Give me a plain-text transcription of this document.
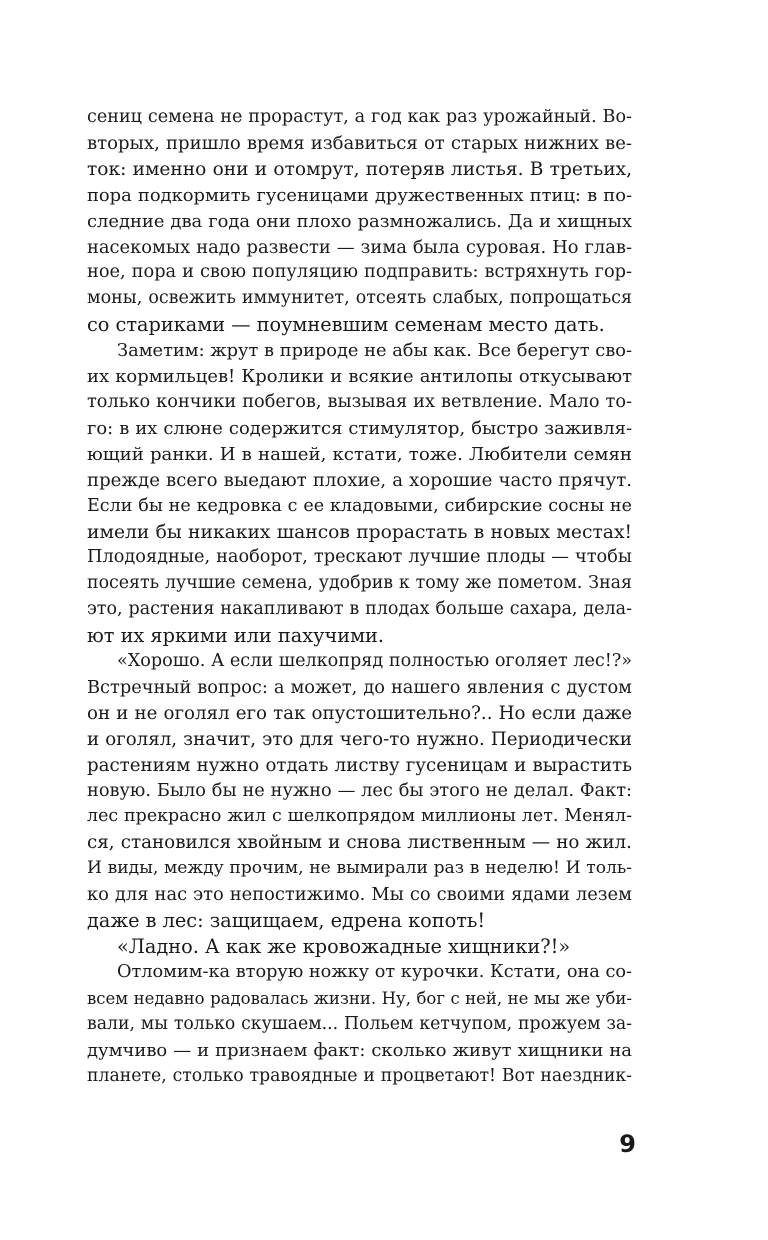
сениц семена не прорастут, а год как раз урожайный. Во-
вторых, пришло время избавиться от старых нижних ве-
ток: именно они и отомрут, потеряв листья. В третьих,
пора подкормить гусеницами дружественных птиц: в по-
следние два года они плохо размножались. Да и хищных
насекомых надо развести — зима была суровая. Но глав-
ное, пора и свою популяцию подправить: встряхнуть гор-
моны, освежить иммунитет, отсеять слабых, попрощаться
со стариками — поумневшим семенам место дать.
Заметим: жрут в природе не абы как. Все берегут сво-
их кормильцев! Кролики и всякие антилопы откусывают
только кончики побегов, вызывая их ветвление. Мало то-
го: в их слюне содержится стимулятор, быстро заживля-
ющий ранки. И в нашей, кстати, тоже. Любители семян
прежде всего выедают плохие, а хорошие часто прячут.
Если бы не кедровка с ее кладовыми, сибирские сосны не
имели бы никаких шансов прорастать в новых местах!
Плодоядные, наоборот, трескают лучшие плоды — чтобы
посеять лучшие семена, удобрив к тому же пометом. Зная
это, растения накапливают в плодах больше сахара, дела-
ют их яркими или пахучими.
«Хорошо. А если шелкопряд полностью оголяет лес!?»
Встречный вопрос: а может, до нашего явления с дустом
он и не оголял его так опустошительно?.. Но если даже
и оголял, значит, это для чего-то нужно. Периодически
растениям нужно отдать листву гусеницам и вырастить
новую. Было бы не нужно — лес бы этого не делал. Факт:
лес прекрасно жил с шелкопрядом миллионы лет. Менял-
ся, становился хвойным и снова лиственным — но жил.
И виды, между прочим, не вымирали раз в неделю! И толь-
ко для нас это непостижимо. Мы со своими ядами лезем
даже в лес: защищаем, едрена копоть!
«Ладно. А как же кровожадные хищники?!»
Отломим-ка вторую ножку от курочки. Кстати, она со-
всем недавно радовалась жизни. Ну, бог с ней, не мы же уби-
вали, мы только скушаем... Польем кетчупом, прожуем за-
думчиво — и признаем факт: сколько живут хищники на
планете, столько травоядные и процветают! Вот наездник-
9
